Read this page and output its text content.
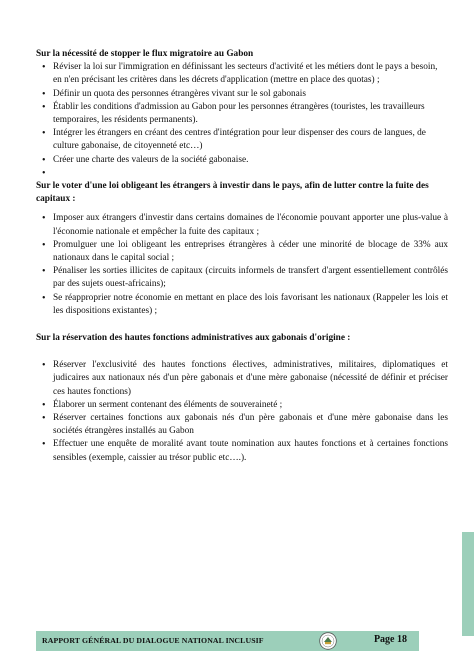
Sur la nécessité de stopper le flux migratoire au Gabon

• Réviser la loi sur l'immigration en définissant les secteurs d'activité et les métiers dont le pays a besoin, en n'en précisant les critères dans les décrets d'application (mettre en place des quotas) ;
• Définir un quota des personnes étrangères vivant sur le sol gabonais
• Établir les conditions d'admission au Gabon pour les personnes étrangères (touristes, les travailleurs temporaires, les résidents permanents).
• Intégrer les étrangers en créant des centres d'intégration pour leur dispenser des cours de langues, de culture gabonaise, de citoyenneté etc…)
• Créer une charte des valeurs de la société gabonaise.
•

Sur le voter d'une loi obligeant les étrangers à investir dans le pays, afin de lutter contre la fuite des capitaux :

• Imposer aux étrangers d'investir dans certains domaines de l'économie pouvant apporter une plus-value à l'économie nationale et empêcher la fuite des capitaux ;
• Promulguer une loi obligeant les entreprises étrangères à céder une minorité de blocage de 33% aux nationaux dans le capital social ;
• Pénaliser les sorties illicites de capitaux (circuits informels de transfert d'argent essentiellement contrôlés par des sujets ouest-africains);
• Se réapproprier notre économie en mettant en place des lois favorisant les nationaux (Rappeler les lois et les dispositions existantes) ;

Sur la réservation des hautes fonctions administratives aux gabonais d'origine :

• Réserver l'exclusivité des hautes fonctions électives, administratives, militaires, diplomatiques et judicaires aux nationaux nés d'un père gabonais et d'une mère gabonaise (nécessité de définir et préciser ces hautes fonctions)
• Élaborer un serment contenant des éléments de souveraineté ;
• Réserver certaines fonctions aux gabonais nés d'un père gabonais et d'une mère gabonaise dans les sociétés étrangères installés au Gabon
• Effectuer une enquête de moralité avant toute nomination aux hautes fonctions et à certaines fonctions sensibles (exemple, caissier au trésor public etc….).
RAPPORT GÉNÉRAL DU DIALOGUE NATIONAL INCLUSIF	Page 18
